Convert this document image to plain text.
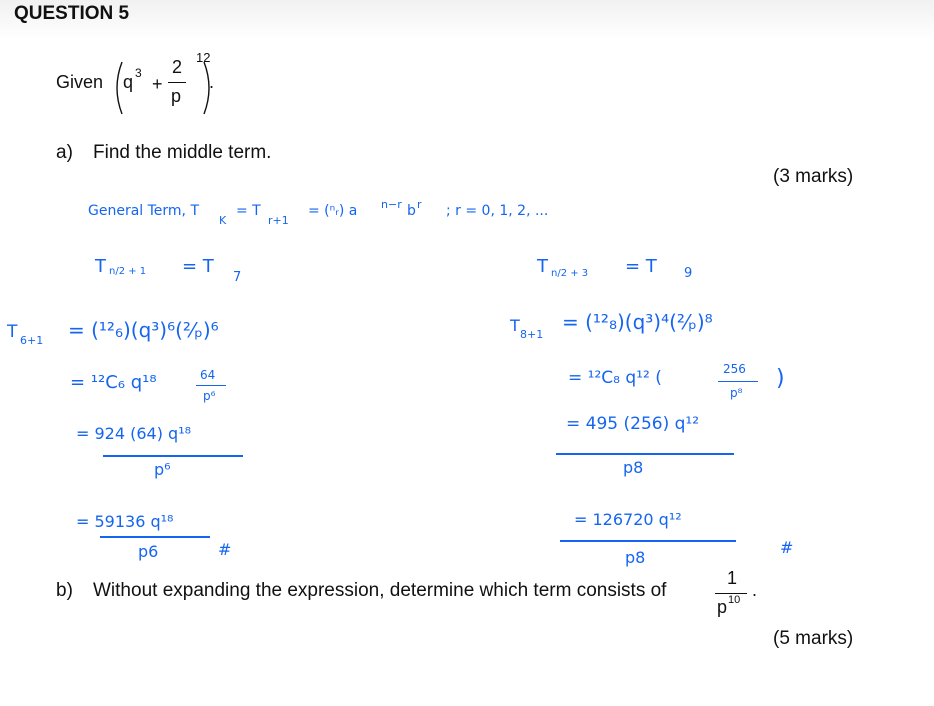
QUESTION 5
Given q 3
+
2
p
12
.
a) Find the middle term.
(3 marks)
General Term, T
K
= T
r+1
= (ⁿᵣ) a n−r b r ; r = 0, 1, 2, ...
T n/2 + 1 = T
7
T 6+1 = (¹²₆)(q³)⁶(²⁄ₚ)⁶
= ¹²C₆ q¹⁸	64
p⁶
= 924 (64) q¹⁸
p⁶
= 59136 q¹⁸
p6	#
T n/2 + 3 = T 9
T 8+1
= (¹²₈)(q³)⁴(²⁄ₚ)⁸
= ¹²C₈ q¹² (	256
p⁸
)
= 495 (256) q¹²
p8
= 126720 q¹²
p8
#
b) Without expanding the expression, determine which term consists of
1
p 10 .
(5 marks)
